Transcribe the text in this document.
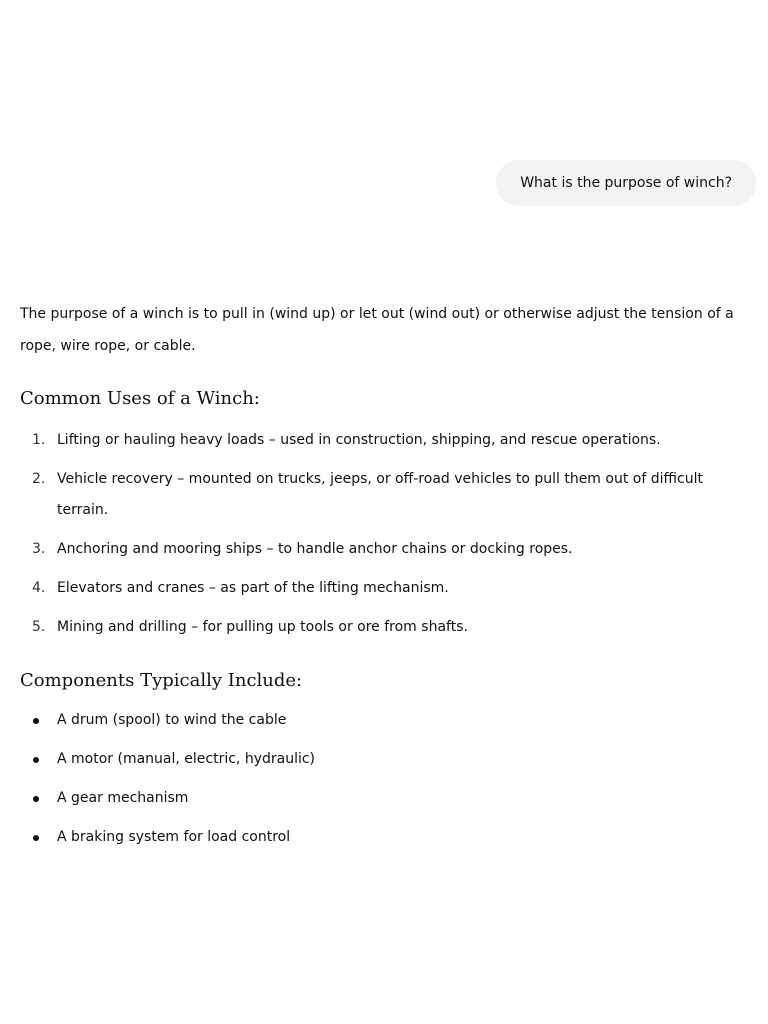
What is the purpose of winch?

The purpose of a winch is to pull in (wind up) or let out (wind out) or otherwise adjust the tension of a rope, wire rope, or cable.

Common Uses of a Winch:
1. Lifting or hauling heavy loads – used in construction, shipping, and rescue operations.
2. Vehicle recovery – mounted on trucks, jeeps, or off-road vehicles to pull them out of difficult terrain.
3. Anchoring and mooring ships – to handle anchor chains or docking ropes.
4. Elevators and cranes – as part of the lifting mechanism.
5. Mining and drilling – for pulling up tools or ore from shafts.
Components Typically Include:
A drum (spool) to wind the cable
A motor (manual, electric, hydraulic)
A gear mechanism
A braking system for load control
